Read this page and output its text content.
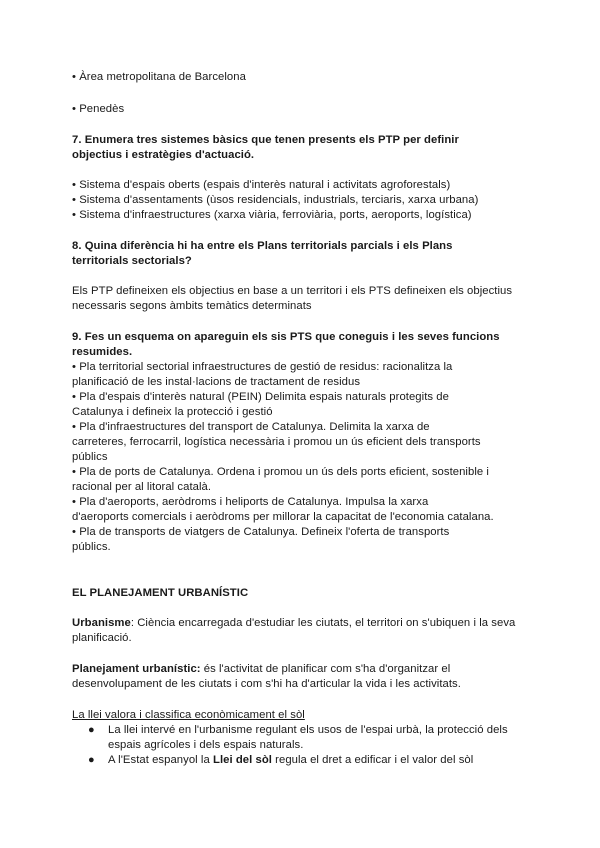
• Àrea metropolitana de Barcelona
• Penedès
7. Enumera tres sistemes bàsics que tenen presents els PTP per definir
objectius i estratègies d'actuació.
• Sistema d'espais oberts (espais d'interès natural i activitats agroforestals)
• Sistema d'assentaments (ùsos residencials, industrials, terciaris, xarxa urbana)
• Sistema d'infraestructures (xarxa viària, ferroviària, ports, aeroports, logística)
8. Quina diferència hi ha entre els Plans territorials parcials i els Plans
territorials sectorials?
Els PTP defineixen els objectius en base a un territori i els PTS defineixen els objectius
necessaris segons àmbits temàtics determinats
9. Fes un esquema on apareguin els sis PTS que coneguis i les seves funcions
resumides.
• Pla territorial sectorial infraestructures de gestió de residus: racionalitza la
planificació de les instal·lacions de tractament de residus
• Pla d'espais d'interès natural (PEIN) Delimita espais naturals protegits de
Catalunya i defineix la protecció i gestió
• Pla d'infraestructures del transport de Catalunya. Delimita la xarxa de
carreteres, ferrocarril, logística necessària i promou un ús eficient dels transports
públics
• Pla de ports de Catalunya. Ordena i promou un ús dels ports eficient, sostenible i
racional per al litoral català.
• Pla d'aeroports, aeròdroms i heliports de Catalunya. Impulsa la xarxa
d'aeroports comercials i aeròdroms per millorar la capacitat de l'economia catalana.
• Pla de transports de viatgers de Catalunya. Defineix l'oferta de transports
públics.
EL PLANEJAMENT URBANÍSTIC
Urbanisme: Ciència encarregada d'estudiar les ciutats, el territori on s'ubiquen i la seva
planificació.
Planejament urbanístic: és l'activitat de planificar com s'ha d'organitzar el
desenvolupament de les ciutats i com s'hi ha d'articular la vida i les activitats.
La llei valora i classifica econòmicament el sòl
● La llei intervé en l'urbanisme regulant els usos de l'espai urbà, la protecció dels
espais agrícoles i dels espais naturals.
● A l'Estat espanyol la Llei del sòl regula el dret a edificar i el valor del sòl
